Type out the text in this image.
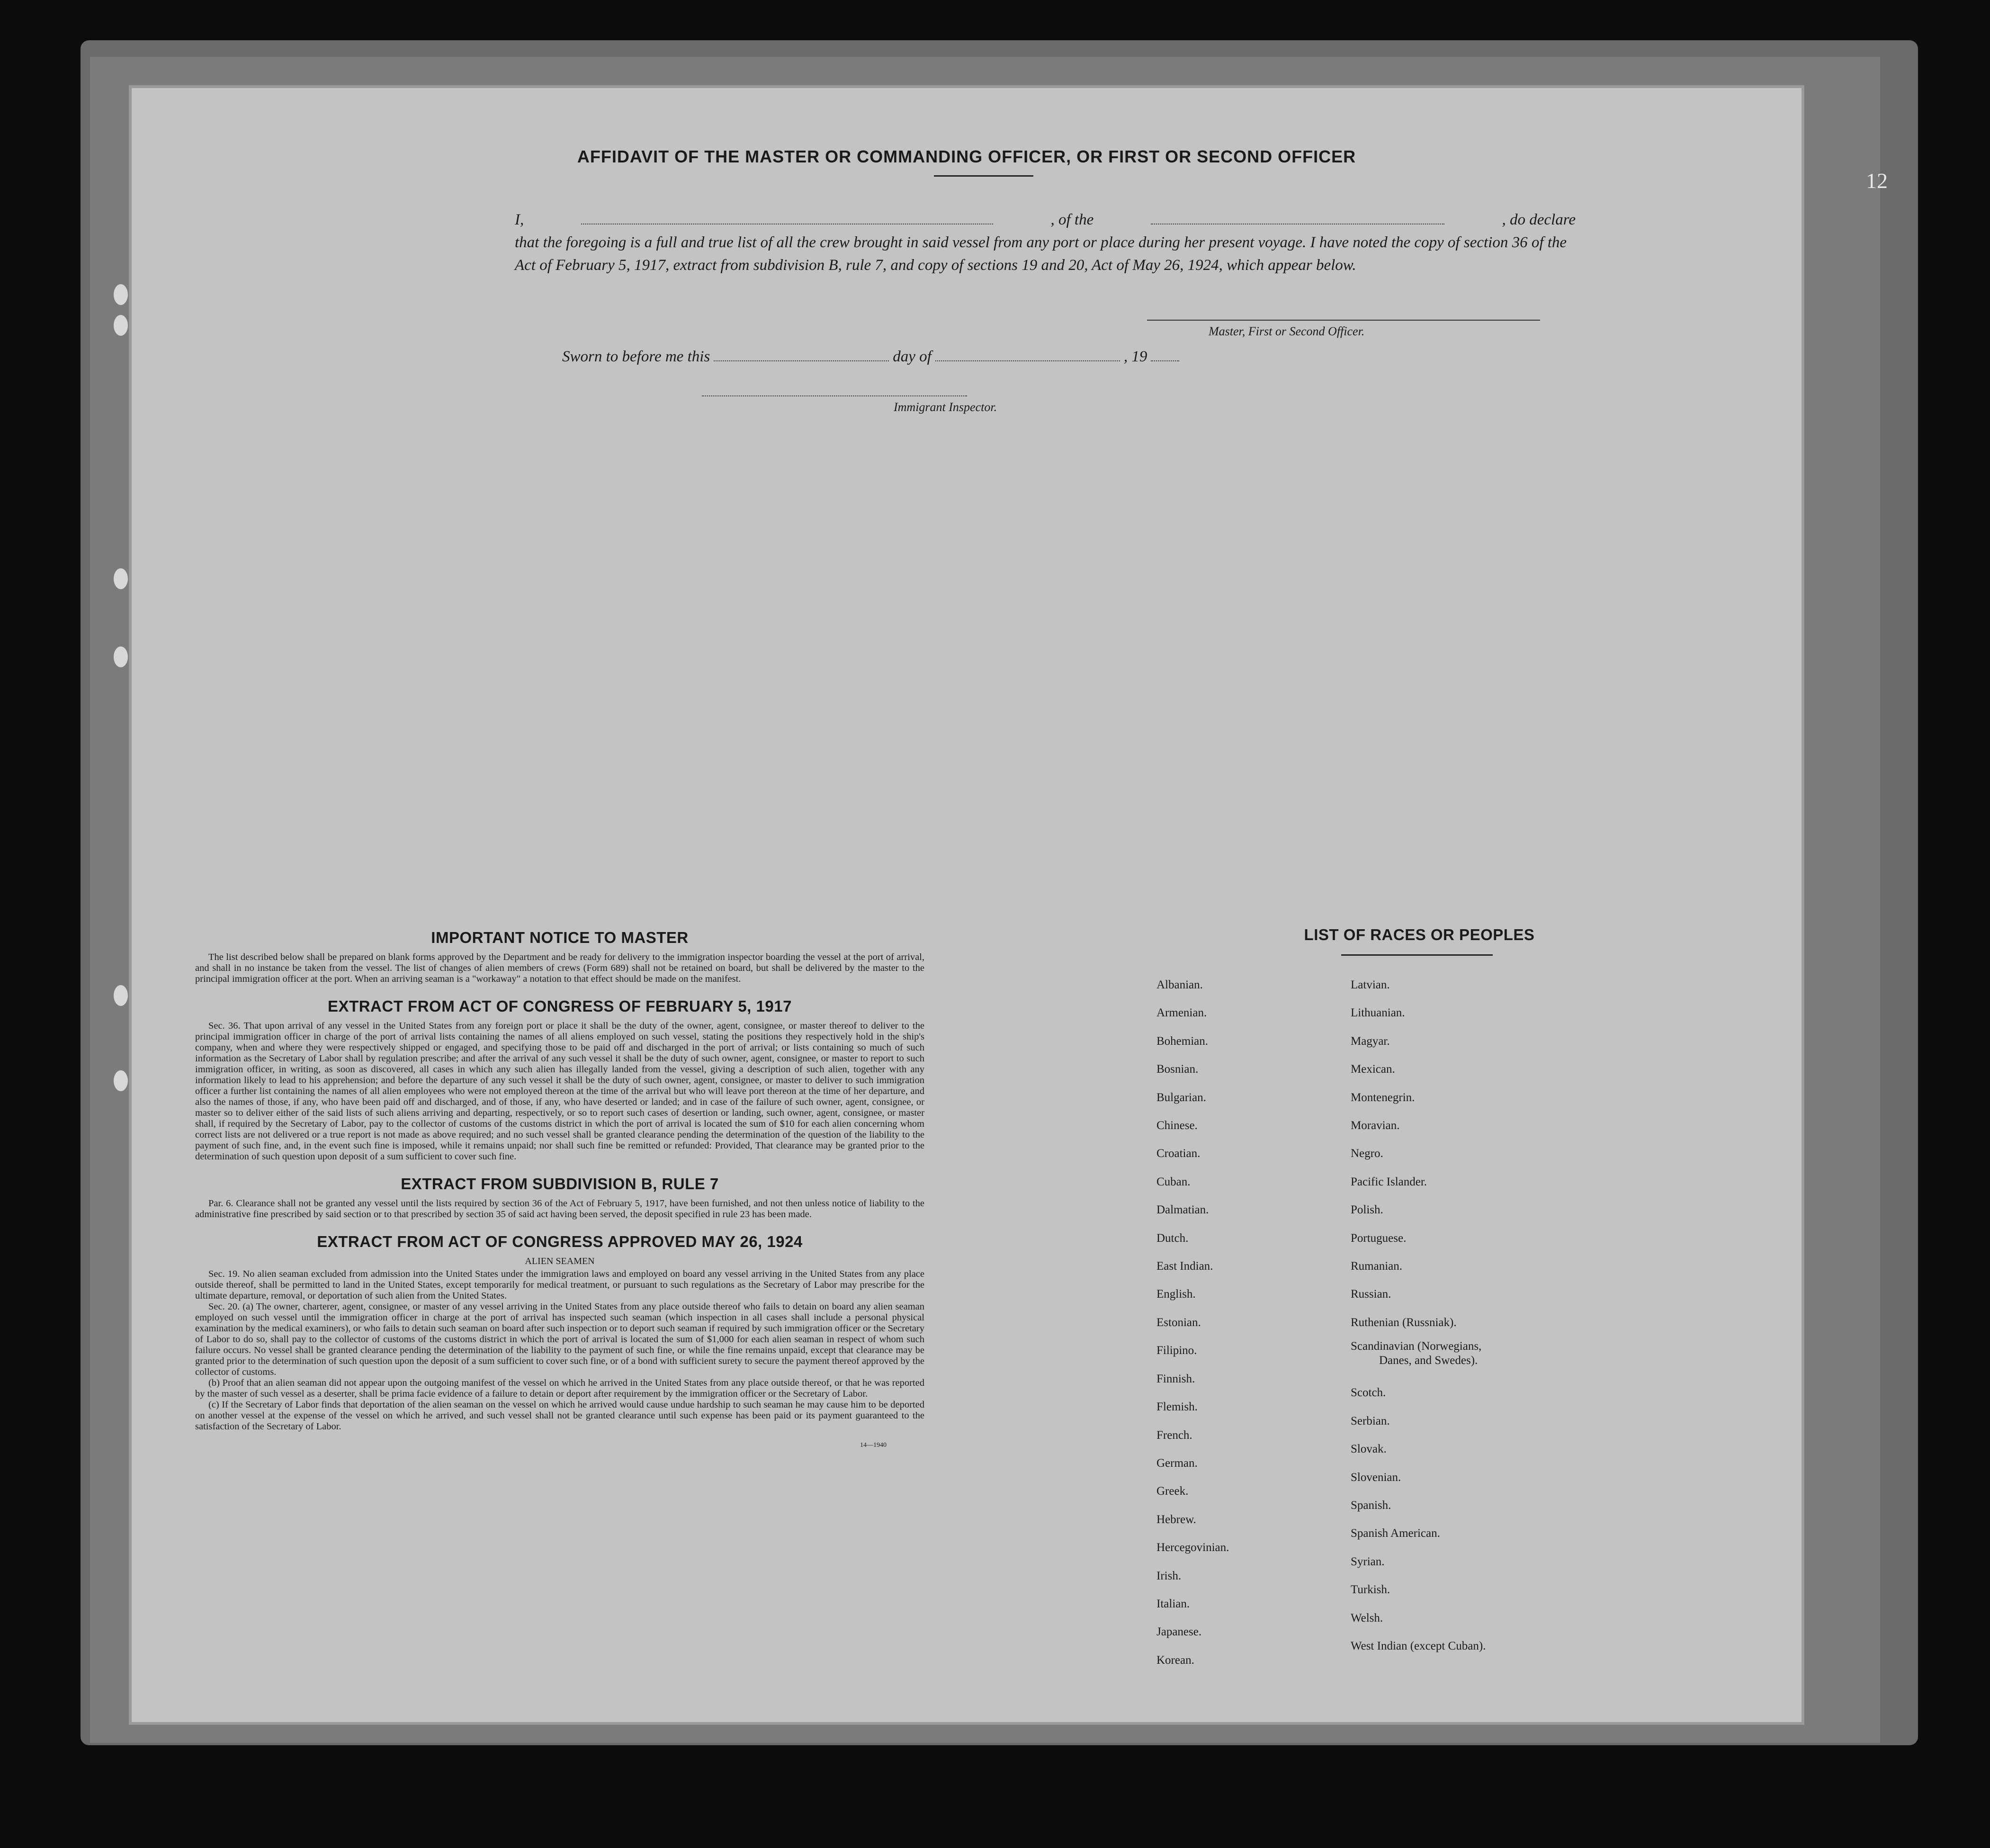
12
AFFIDAVIT OF THE MASTER OR COMMANDING OFFICER, OR FIRST OR SECOND OFFICER
I,	, of the	, do declare
that the foregoing is a full and true list of all the crew brought in said vessel from any port or place during her present voyage. I have noted the copy of section 36 of the Act of February 5, 1917, extract from subdivision B, rule 7, and copy of sections 19 and 20, Act of May 26, 1924, which appear below.
Master, First or Second Officer.
Sworn to before me this	day of	, 19
Immigrant Inspector.
IMPORTANT NOTICE TO MASTER

The list described below shall be prepared on blank forms approved by the Department and be ready for delivery to the immigration inspector boarding the vessel at the port of arrival, and shall in no instance be taken from the vessel. The list of changes of alien members of crews (Form 689) shall not be retained on board, but shall be delivered by the master to the principal immigration officer at the port. When an arriving seaman is a "workaway" a notation to that effect should be made on the manifest.

EXTRACT FROM ACT OF CONGRESS OF FEBRUARY 5, 1917

Sec. 36. That upon arrival of any vessel in the United States from any foreign port or place it shall be the duty of the owner, agent, consignee, or master thereof to deliver to the principal immigration officer in charge of the port of arrival lists containing the names of all aliens employed on such vessel, stating the positions they respectively hold in the ship's company, when and where they were respectively shipped or engaged, and specifying those to be paid off and discharged in the port of arrival; or lists containing so much of such information as the Secretary of Labor shall by regulation prescribe; and after the arrival of any such vessel it shall be the duty of such owner, agent, consignee, or master to report to such immigration officer, in writing, as soon as discovered, all cases in which any such alien has illegally landed from the vessel, giving a description of such alien, together with any information likely to lead to his apprehension; and before the departure of any such vessel it shall be the duty of such owner, agent, consignee, or master to deliver to such immigration officer a further list containing the names of all alien employees who were not employed thereon at the time of the arrival but who will leave port thereon at the time of her departure, and also the names of those, if any, who have been paid off and discharged, and of those, if any, who have deserted or landed; and in case of the failure of such owner, agent, consignee, or master so to deliver either of the said lists of such aliens arriving and departing, respectively, or so to report such cases of desertion or landing, such owner, agent, consignee, or master shall, if required by the Secretary of Labor, pay to the collector of customs of the customs district in which the port of arrival is located the sum of $10 for each alien concerning whom correct lists are not delivered or a true report is not made as above required; and no such vessel shall be granted clearance pending the determination of the question of the liability to the payment of such fine, and, in the event such fine is imposed, while it remains unpaid; nor shall such fine be remitted or refunded: Provided, That clearance may be granted prior to the determination of such question upon deposit of a sum sufficient to cover such fine.

EXTRACT FROM SUBDIVISION B, RULE 7

Par. 6. Clearance shall not be granted any vessel until the lists required by section 36 of the Act of February 5, 1917, have been furnished, and not then unless notice of liability to the administrative fine prescribed by said section or to that prescribed by section 35 of said act having been served, the deposit specified in rule 23 has been made.

EXTRACT FROM ACT OF CONGRESS APPROVED MAY 26, 1924
ALIEN SEAMEN

Sec. 19. No alien seaman excluded from admission into the United States under the immigration laws and employed on board any vessel arriving in the United States from any place outside thereof, shall be permitted to land in the United States, except temporarily for medical treatment, or pursuant to such regulations as the Secretary of Labor may prescribe for the ultimate departure, removal, or deportation of such alien from the United States.

Sec. 20. (a) The owner, charterer, agent, consignee, or master of any vessel arriving in the United States from any place outside thereof who fails to detain on board any alien seaman employed on such vessel until the immigration officer in charge at the port of arrival has inspected such seaman (which inspection in all cases shall include a personal physical examination by the medical examiners), or who fails to detain such seaman on board after such inspection or to deport such seaman if required by such immigration officer or the Secretary of Labor to do so, shall pay to the collector of customs of the customs district in which the port of arrival is located the sum of $1,000 for each alien seaman in respect of whom such failure occurs. No vessel shall be granted clearance pending the determination of the liability to the payment of such fine, or while the fine remains unpaid, except that clearance may be granted prior to the determination of such question upon the deposit of a sum sufficient to cover such fine, or of a bond with sufficient surety to secure the payment thereof approved by the collector of customs.

(b) Proof that an alien seaman did not appear upon the outgoing manifest of the vessel on which he arrived in the United States from any place outside thereof, or that he was reported by the master of such vessel as a deserter, shall be prima facie evidence of a failure to detain or deport after requirement by the immigration officer or the Secretary of Labor.

(c) If the Secretary of Labor finds that deportation of the alien seaman on the vessel on which he arrived would cause undue hardship to such seaman he may cause him to be deported on another vessel at the expense of the vessel on which he arrived, and such vessel shall not be granted clearance until such expense has been paid or its payment guaranteed to the satisfaction of the Secretary of Labor.

14—1940
LIST OF RACES OR PEOPLES
Albanian.
Armenian.
Bohemian.
Bosnian.
Bulgarian.
Chinese.
Croatian.
Cuban.
Dalmatian.
Dutch.
East Indian.
English.
Estonian.
Filipino.
Finnish.
Flemish.
French.
German.
Greek.
Hebrew.
Hercegovinian.
Irish.
Italian.
Japanese.
Korean.
Latvian.
Lithuanian.
Magyar.
Mexican.
Montenegrin.
Moravian.
Negro.
Pacific Islander.
Polish.
Portuguese.
Rumanian.
Russian.
Ruthenian (Russniak).
Scandinavian (Norwegians,
Danes, and Swedes).
Scotch.
Serbian.
Slovak.
Slovenian.
Spanish.
Spanish American.
Syrian.
Turkish.
Welsh.
West Indian (except Cuban).
